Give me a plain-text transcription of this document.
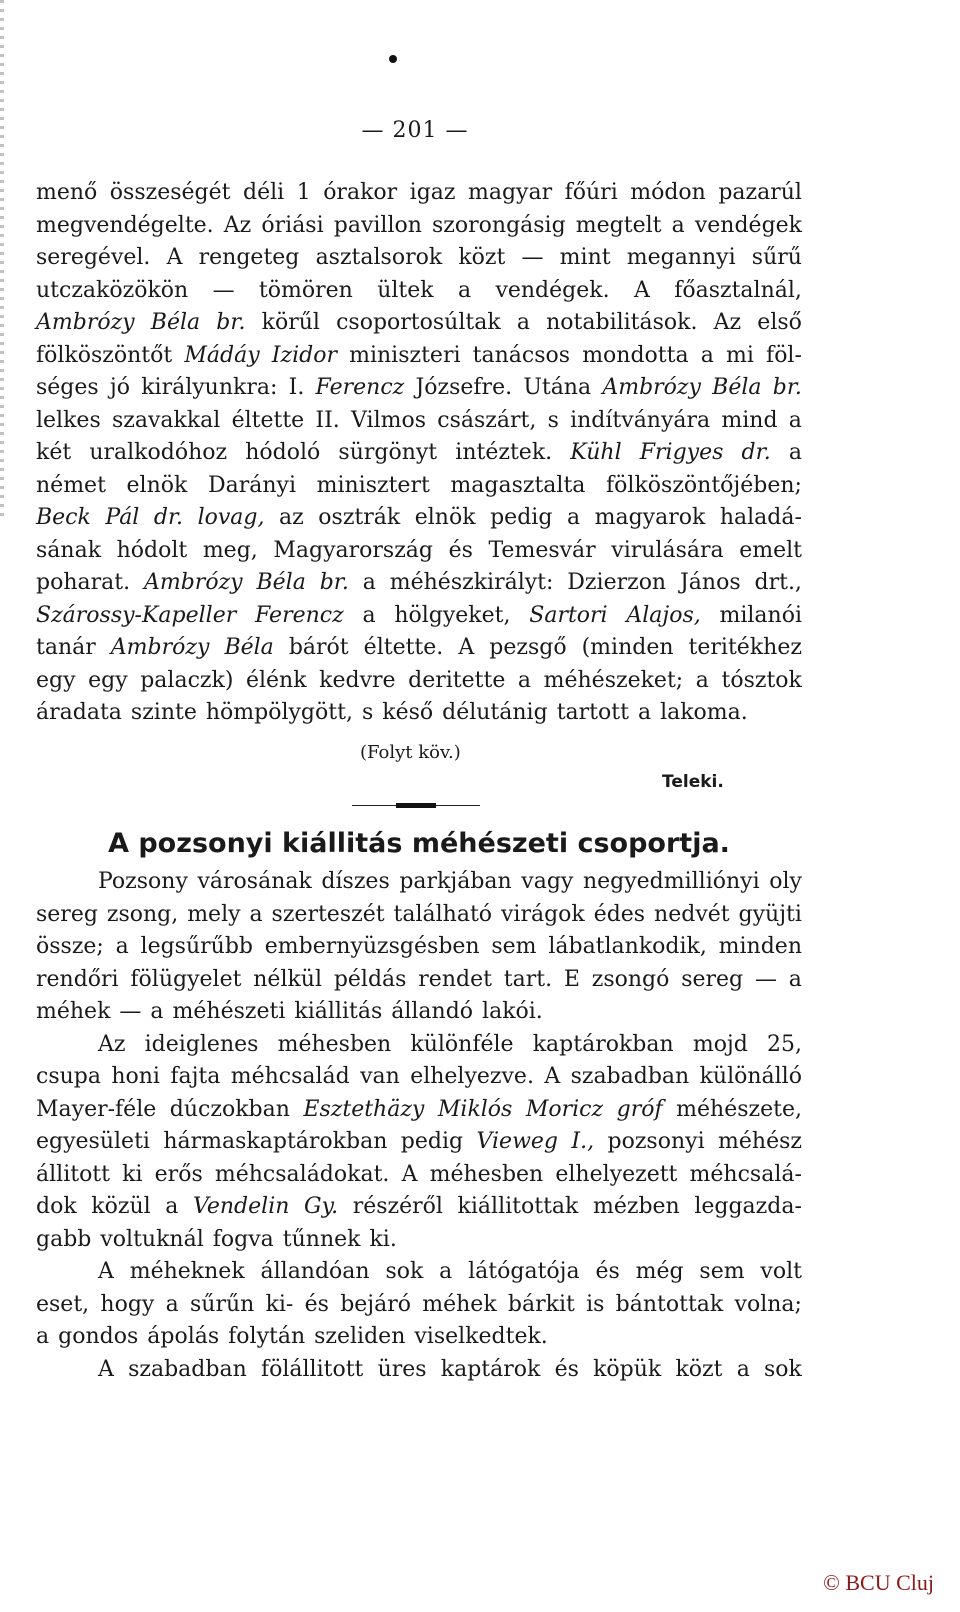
— 201 —
menő összeségét déli 1 órakor igaz magyar főúri módon pazarúl
megvendégelte. Az óriási pavillon szorongásig megtelt a vendégek
seregével. A rengeteg asztalsorok közt — mint megannyi sűrű
utczaközökön — tömören ültek a vendégek. A főasztalnál,
Ambrózy Béla br. körűl csoportosúltak a notabilitások. Az első
fölköszöntőt Mádáy Izidor miniszteri tanácsos mondotta a mi föl-
séges jó királyunkra: I. Ferencz Józsefre. Utána Ambrózy Béla br.
lelkes szavakkal éltette II. Vilmos császárt, s indítványára mind a
két uralkodóhoz hódoló sürgönyt intéztek. Kühl Frigyes dr. a
német elnök Darányi minisztert magasztalta fölköszöntőjében;
Beck Pál dr. lovag, az osztrák elnök pedig a magyarok haladá-
sának hódolt meg, Magyarország és Temesvár virulására emelt
poharat. Ambrózy Béla br. a méhészkirályt: Dzierzon János drt.,
Szárossy-Kapeller Ferencz a hölgyeket, Sartori Alajos, milanói
tanár Ambrózy Béla bárót éltette. A pezsgő (minden teritékhez
egy egy palaczk) élénk kedvre deritette a méhészeket; a tósztok
áradata szinte hömpölygött, s késő délutánig tartott a lakoma.
(Folyt köv.)
Teleki.
A pozsonyi kiállitás méhészeti csoportja.
Pozsony városának díszes parkjában vagy negyedmilliónyi oly
sereg zsong, mely a szerteszét található virágok édes nedvét gyüjti
össze; a legsűrűbb embernyüzsgésben sem lábatlankodik, minden
rendőri fölügyelet nélkül példás rendet tart. E zsongó sereg — a
méhek — a méhészeti kiállitás állandó lakói.
Az ideiglenes méhesben különféle kaptárokban mojd 25,
csupa honi fajta méhcsalád van elhelyezve. A szabadban különálló
Mayer-féle dúczokban Esztethäzy Miklós Moricz gróf méhészete,
egyesületi hármaskaptárokban pedig Vieweg I., pozsonyi méhész
állitott ki erős méhcsaládokat. A méhesben elhelyezett méhcsalá-
dok közül a Vendelin Gy. részéről kiállitottak mézben leggazda-
gabb voltuknál fogva tűnnek ki.
A méheknek állandóan sok a látógatója és még sem volt
eset, hogy a sűrűn ki- és bejáró méhek bárkit is bántottak volna;
a gondos ápolás folytán szeliden viselkedtek.
A szabadban fölállitott üres kaptárok és köpük közt a sok
© BCU Cluj
